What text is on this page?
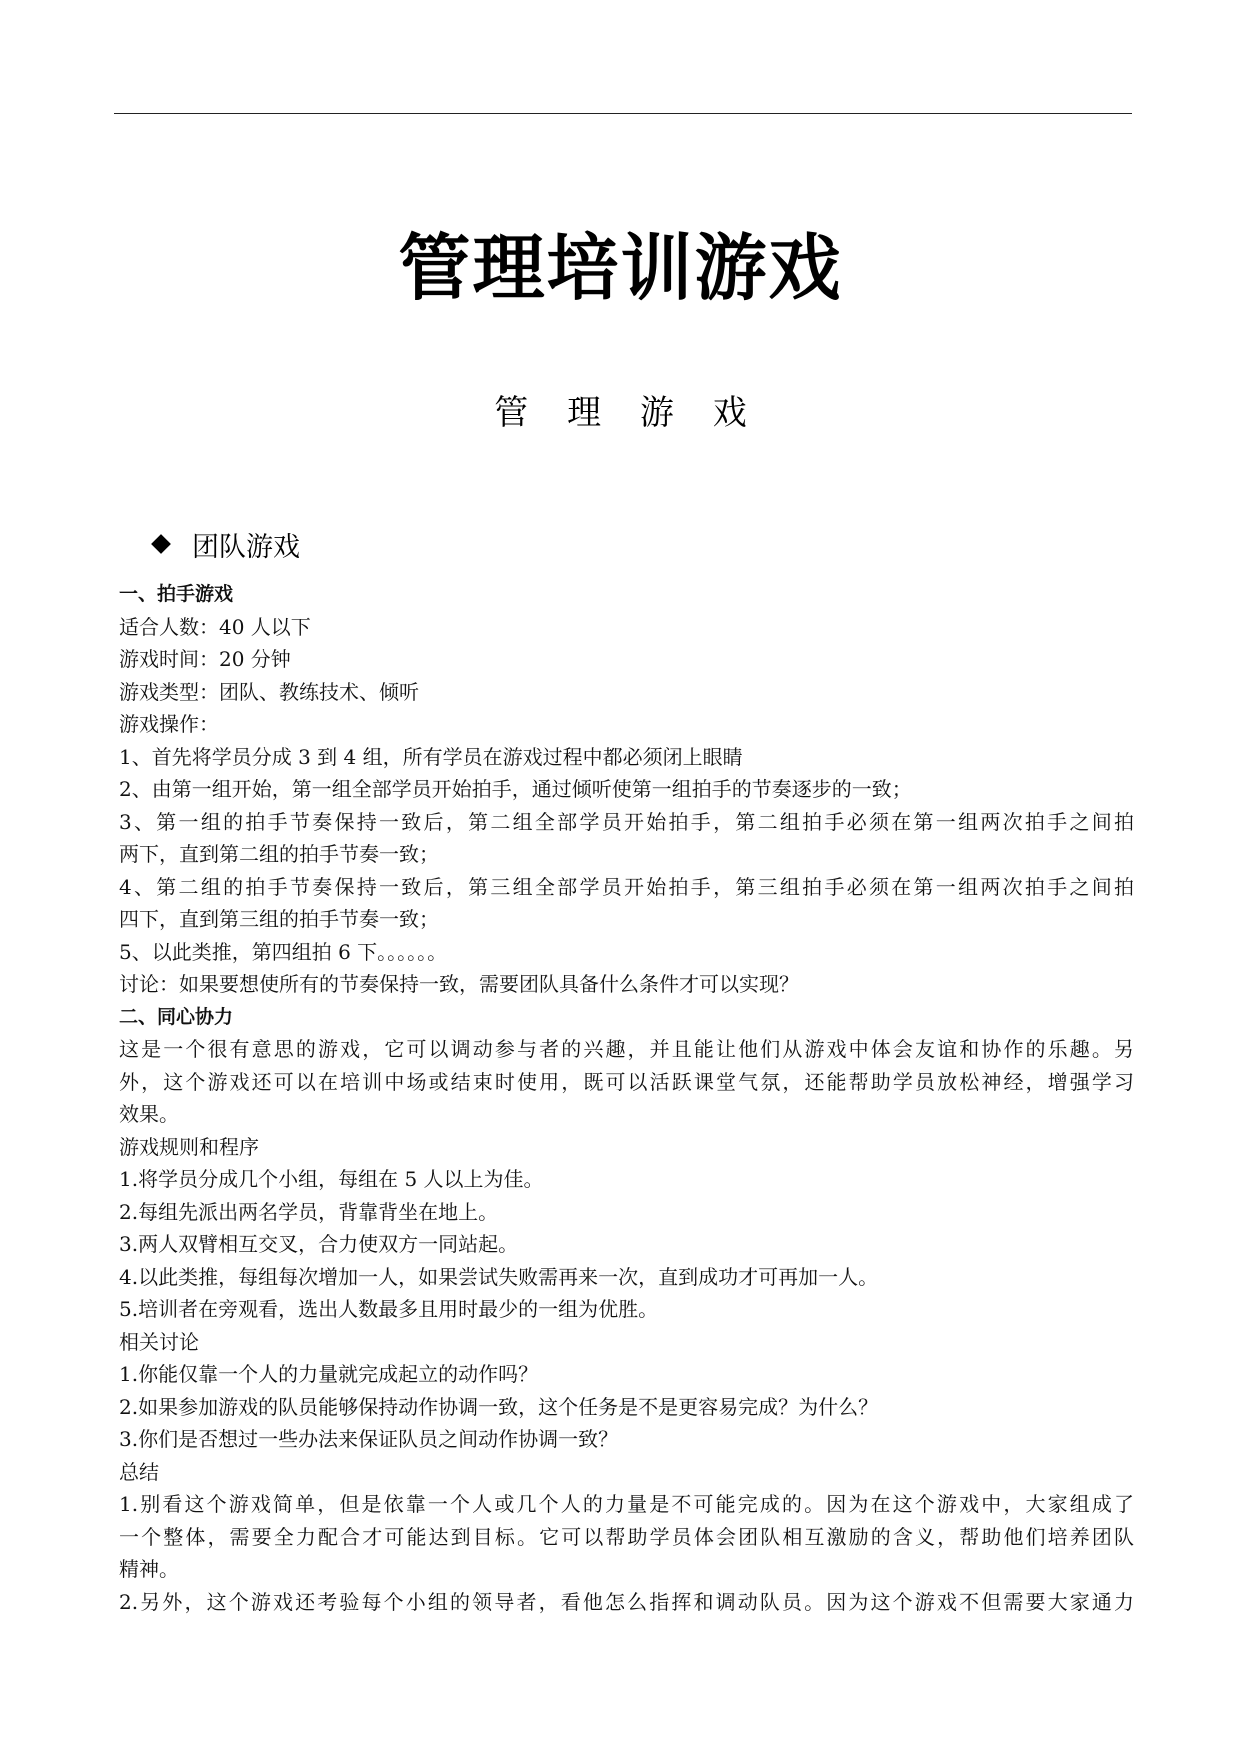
管理培训游戏
管 理 游 戏
团队游戏
一、拍手游戏
适合人数：40 人以下
游戏时间：20 分钟
游戏类型：团队、教练技术、倾听
游戏操作：
1、首先将学员分成 3 到 4 组，所有学员在游戏过程中都必须闭上眼睛
2、由第一组开始，第一组全部学员开始拍手，通过倾听使第一组拍手的节奏逐步的一致；
3、第一组的拍手节奏保持一致后，第二组全部学员开始拍手，第二组拍手必须在第一组两次拍手之间拍
两下，直到第二组的拍手节奏一致；
4、第二组的拍手节奏保持一致后，第三组全部学员开始拍手，第三组拍手必须在第一组两次拍手之间拍
四下，直到第三组的拍手节奏一致；
5、以此类推，第四组拍 6 下。。。。。。
讨论：如果要想使所有的节奏保持一致，需要团队具备什么条件才可以实现？
二、同心协力
这是一个很有意思的游戏，它可以调动参与者的兴趣，并且能让他们从游戏中体会友谊和协作的乐趣。另
外，这个游戏还可以在培训中场或结束时使用，既可以活跃课堂气氛，还能帮助学员放松神经，增强学习
效果。
游戏规则和程序
1.将学员分成几个小组，每组在 5 人以上为佳。
2.每组先派出两名学员，背靠背坐在地上。
3.两人双臂相互交叉，合力使双方一同站起。
4.以此类推，每组每次增加一人，如果尝试失败需再来一次，直到成功才可再加一人。
5.培训者在旁观看，选出人数最多且用时最少的一组为优胜。
相关讨论
1.你能仅靠一个人的力量就完成起立的动作吗？
2.如果参加游戏的队员能够保持动作协调一致，这个任务是不是更容易完成？为什么？
3.你们是否想过一些办法来保证队员之间动作协调一致？
总结
1.别看这个游戏简单，但是依靠一个人或几个人的力量是不可能完成的。因为在这个游戏中，大家组成了
一个整体，需要全力配合才可能达到目标。它可以帮助学员体会团队相互激励的含义，帮助他们培养团队
精神。
2.另外，这个游戏还考验每个小组的领导者，看他怎么指挥和调动队员。因为这个游戏不但需要大家通力
